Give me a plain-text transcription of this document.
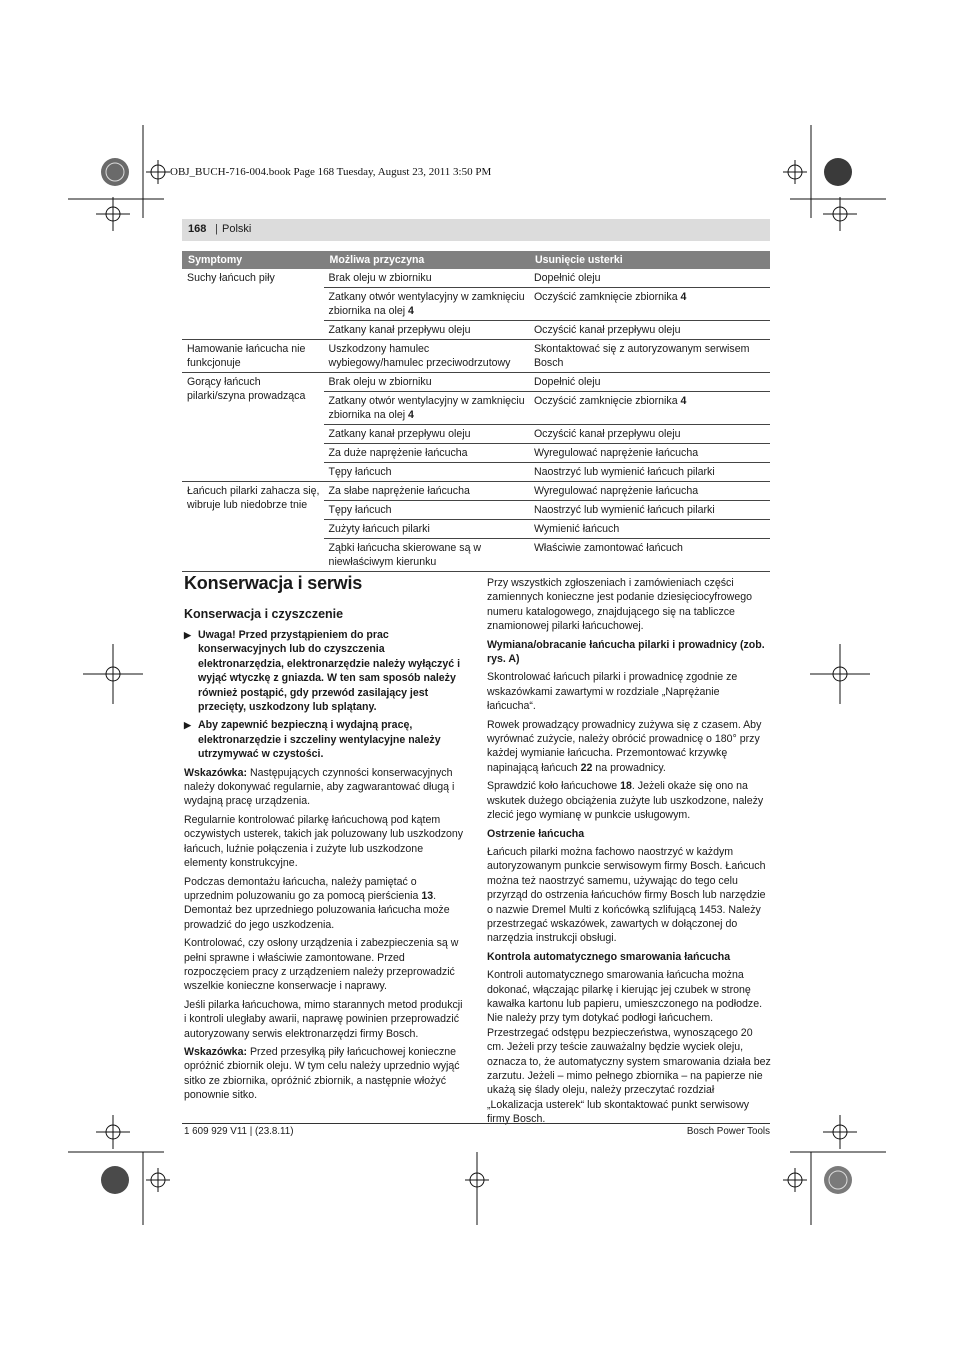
OBJ_BUCH-716-004.book Page 168 Tuesday, August 23, 2011 3:50 PM
168 | Polski
Symptomy	Możliwa przyczyna	Usunięcie usterki
Suchy łańcuch piły	Brak oleju w zbiorniku	Dopełnić oleju
	Zatkany otwór wentylacyjny w zamknięciu zbiornika na olej 4	Oczyścić zamknięcie zbiornika 4
	Zatkany kanał przepływu oleju	Oczyścić kanał przepływu oleju
Hamowanie łańcucha nie funkcjonuje	Uszkodzony hamulec wybiegowy/hamulec przeciwodrzutowy	Skontaktować się z autoryzowanym serwisem Bosch
Gorący łańcuch pilarki/szyna prowadząca	Brak oleju w zbiorniku	Dopełnić oleju
	Zatkany otwór wentylacyjny w zamknięciu zbiornika na olej 4	Oczyścić zamknięcie zbiornika 4
	Zatkany kanał przepływu oleju	Oczyścić kanał przepływu oleju
	Za duże naprężenie łańcucha	Wyregulować naprężenie łańcucha
	Tępy łańcuch	Naostrzyć lub wymienić łańcuch pilarki
Łańcuch pilarki zahacza się, wibruje lub niedobrze tnie	Za słabe naprężenie łańcucha	Wyregulować naprężenie łańcucha
	Tępy łańcuch	Naostrzyć lub wymienić łańcuch pilarki
	Zużyty łańcuch pilarki	Wymienić łańcuch
	Ząbki łańcucha skierowane są w niewłaściwym kierunku	Właściwie zamontować łańcuch
Konserwacja i serwis
Konserwacja i czyszczenie

▶ Uwaga! Przed przystąpieniem do prac konserwacyjnych lub do czyszczenia elektronarzędzia, elektronarzędzie należy wyłączyć i wyjąć wtyczkę z gniazda. W ten sam sposób należy również postąpić, gdy przewód zasilający jest przecięty, uszkodzony lub splątany.

▶ Aby zapewnić bezpieczną i wydajną pracę, elektronarzędzie i szczeliny wentylacyjne należy utrzymywać w czystości.

Wskazówka: Następujących czynności konserwacyjnych należy dokonywać regularnie, aby zagwarantować długą i wydajną pracę urządzenia.

Regularnie kontrolować pilarkę łańcuchową pod kątem oczywistych usterek, takich jak poluzowany lub uszkodzony łańcuch, luźnie połączenia i zużyte lub uszkodzone elementy konstrukcyjne.

Podczas demontażu łańcucha, należy pamiętać o uprzednim poluzowaniu go za pomocą pierścienia 13. Demontaż bez uprzedniego poluzowania łańcucha może prowadzić do jego uszkodzenia.

Kontrolować, czy osłony urządzenia i zabezpieczenia są w pełni sprawne i właściwie zamontowane. Przed rozpoczęciem pracy z urządzeniem należy przeprowadzić wszelkie konieczne konserwacje i naprawy.

Jeśli pilarka łańcuchowa, mimo starannych metod produkcji i kontroli uległaby awarii, naprawę powinien przeprowadzić autoryzowany serwis elektronarzędzi firmy Bosch.

Wskazówka: Przed przesyłką piły łańcuchowej konieczne opróżnić zbiornik oleju. W tym celu należy uprzednio wyjąć sitko ze zbiornika, opróżnić zbiornik, a następnie włożyć ponownie sitko.

Przy wszystkich zgłoszeniach i zamówieniach części zamiennych konieczne jest podanie dziesięciocyfrowego numeru katalogowego, znajdującego się na tabliczce znamionowej pilarki łańcuchowej.

Wymiana/obracanie łańcucha pilarki i prowadnicy (zob. rys. A)

Skontrolować łańcuch pilarki i prowadnicę zgodnie ze wskazówkami zawartymi w rozdziale „Naprężanie łańcucha“.

Rowek prowadzący prowadnicy zużywa się z czasem. Aby wyrównać zużycie, należy obrócić prowadnicę o 180° przy każdej wymianie łańcucha. Przemontować krzywkę napinającą łańcuch 22 na prowadnicy.

Sprawdzić koło łańcuchowe 18. Jeżeli okaże się ono na wskutek dużego obciążenia zużyte lub uszkodzone, należy zlecić jego wymianę w punkcie usługowym.

Ostrzenie łańcucha

Łańcuch pilarki można fachowo naostrzyć w każdym autoryzowanym punkcie serwisowym firmy Bosch. Łańcuch można też naostrzyć samemu, używając do tego celu przyrząd do ostrzenia łańcuchów firmy Bosch lub narzędzie o nazwie Dremel Multi z końcówką szlifującą 1453. Należy przestrzegać wskazówek, zawartych w dołączonej do narzędzia instrukcji obsługi.

Kontrola automatycznego smarowania łańcucha

Kontroli automatycznego smarowania łańcucha można dokonać, włączając pilarkę i kierując jej czubek w stronę kawałka kartonu lub papieru, umieszczonego na podłodze. Nie należy przy tym dotykać podłogi łańcuchem. Przestrzegać odstępu bezpieczeństwa, wynoszącego 20 cm. Jeżeli przy teście zauważalny będzie wyciek oleju, oznacza to, że automatyczny system smarowania działa bez zarzutu. Jeżeli – mimo pełnego zbiornika – na papierze nie ukażą się ślady oleju, należy przeczytać rozdział „Lokalizacja usterek“ lub skontaktować punkt serwisowy firmy Bosch.

1 609 929 V11 | (23.8.11)	Bosch Power Tools
